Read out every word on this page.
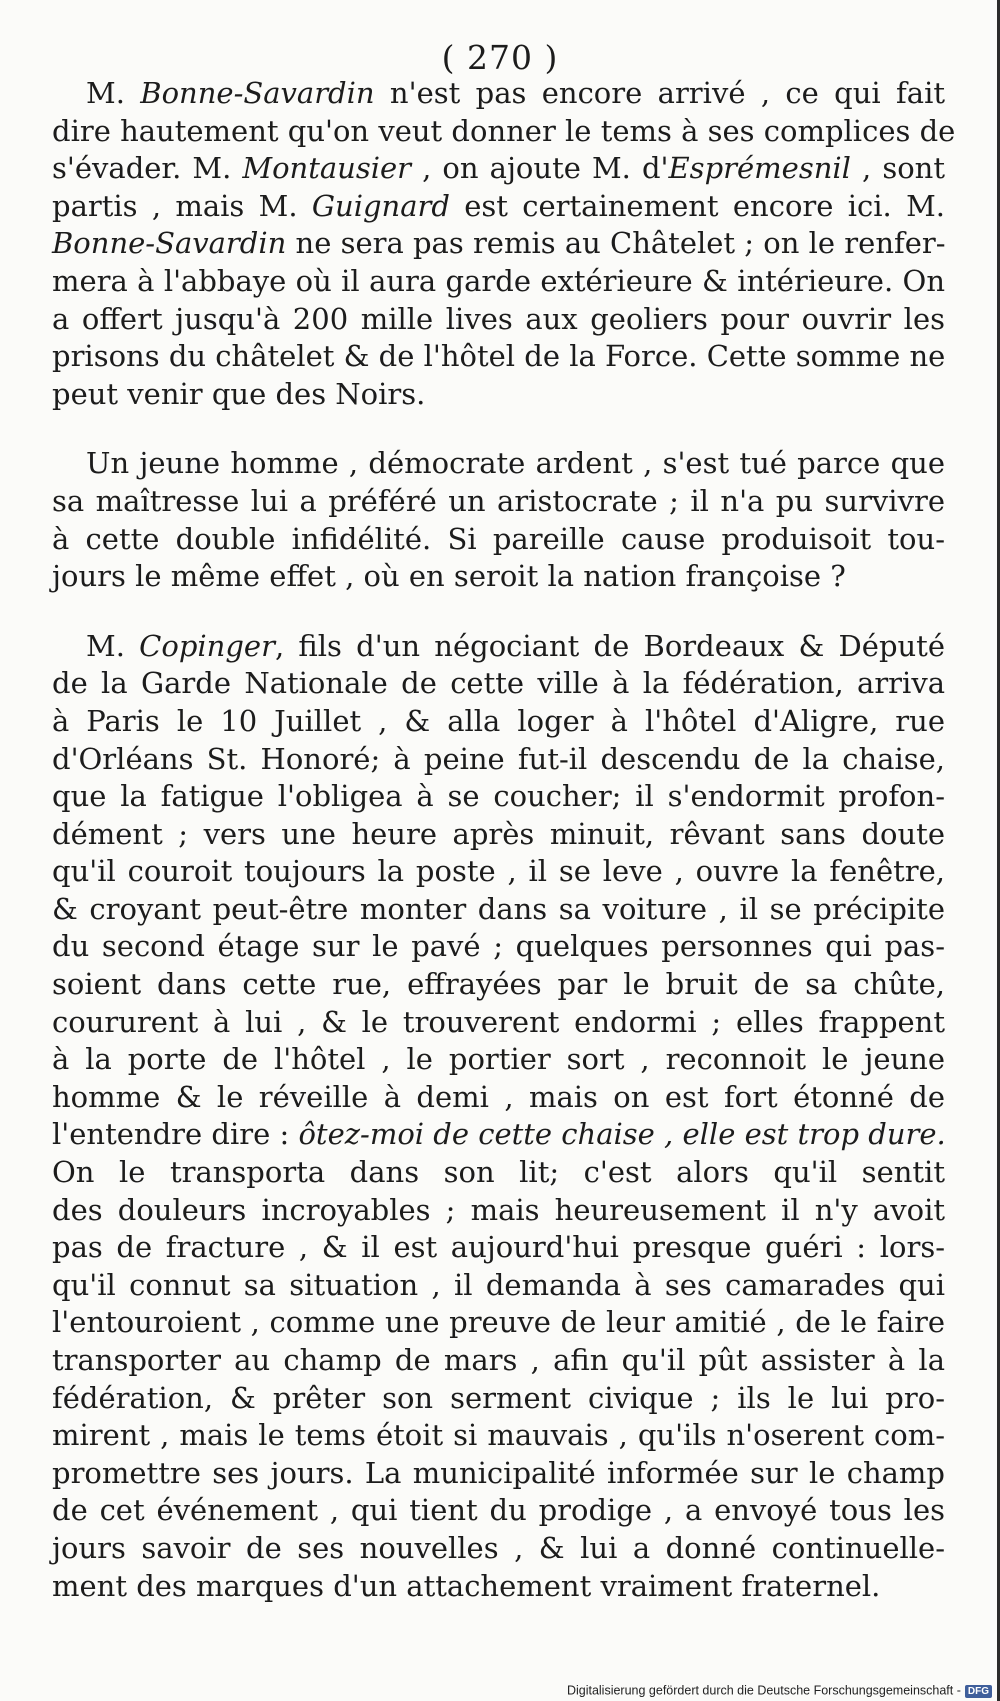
( 270 )
M. Bonne-Savardin n'est pas encore arrivé , ce qui fait
dire hautement qu'on veut donner le tems à ses complices de
s'évader. M. Montausier , on ajoute M. d'Esprémesnil , sont
partis , mais M. Guignard est certainement encore ici. M.
Bonne-Savardin ne sera pas remis au Châtelet ; on le renfer-
mera à l'abbaye où il aura garde extérieure & intérieure. On
a offert jusqu'à 200 mille lives aux geoliers pour ouvrir les
prisons du châtelet & de l'hôtel de la Force. Cette somme ne
peut venir que des Noirs.
Un jeune homme , démocrate ardent , s'est tué parce que
sa maîtresse lui a préféré un aristocrate ; il n'a pu survivre
à cette double infidélité. Si pareille cause produisoit tou-
jours le même effet , où en seroit la nation françoise ?
M. Copinger, fils d'un négociant de Bordeaux & Député
de la Garde Nationale de cette ville à la fédération, arriva
à Paris le 10 Juillet , & alla loger à l'hôtel d'Aligre, rue
d'Orléans St. Honoré; à peine fut-il descendu de la chaise,
que la fatigue l'obligea à se coucher; il s'endormit profon-
dément ; vers une heure après minuit, rêvant sans doute
qu'il couroit toujours la poste , il se leve , ouvre la fenêtre,
& croyant peut-être monter dans sa voiture , il se précipite
du second étage sur le pavé ; quelques personnes qui pas-
soient dans cette rue, effrayées par le bruit de sa chûte,
coururent à lui , & le trouverent endormi ; elles frappent
à la porte de l'hôtel , le portier sort , reconnoit le jeune
homme & le réveille à demi , mais on est fort étonné de
l'entendre dire : ôtez-moi de cette chaise , elle est trop dure.
On le transporta dans son lit; c'est alors qu'il sentit
des douleurs incroyables ; mais heureusement il n'y avoit
pas de fracture , & il est aujourd'hui presque guéri : lors-
qu'il connut sa situation , il demanda à ses camarades qui
l'entouroient , comme une preuve de leur amitié , de le faire
transporter au champ de mars , afin qu'il pût assister à la
fédération, & prêter son serment civique ; ils le lui pro-
mirent , mais le tems étoit si mauvais , qu'ils n'oserent com-
promettre ses jours. La municipalité informée sur le champ
de cet événement , qui tient du prodige , a envoyé tous les
jours savoir de ses nouvelles , & lui a donné continuelle-
ment des marques d'un attachement vraiment fraternel.
Digitalisierung gefördert durch die Deutsche Forschungsgemeinschaft - DFG
